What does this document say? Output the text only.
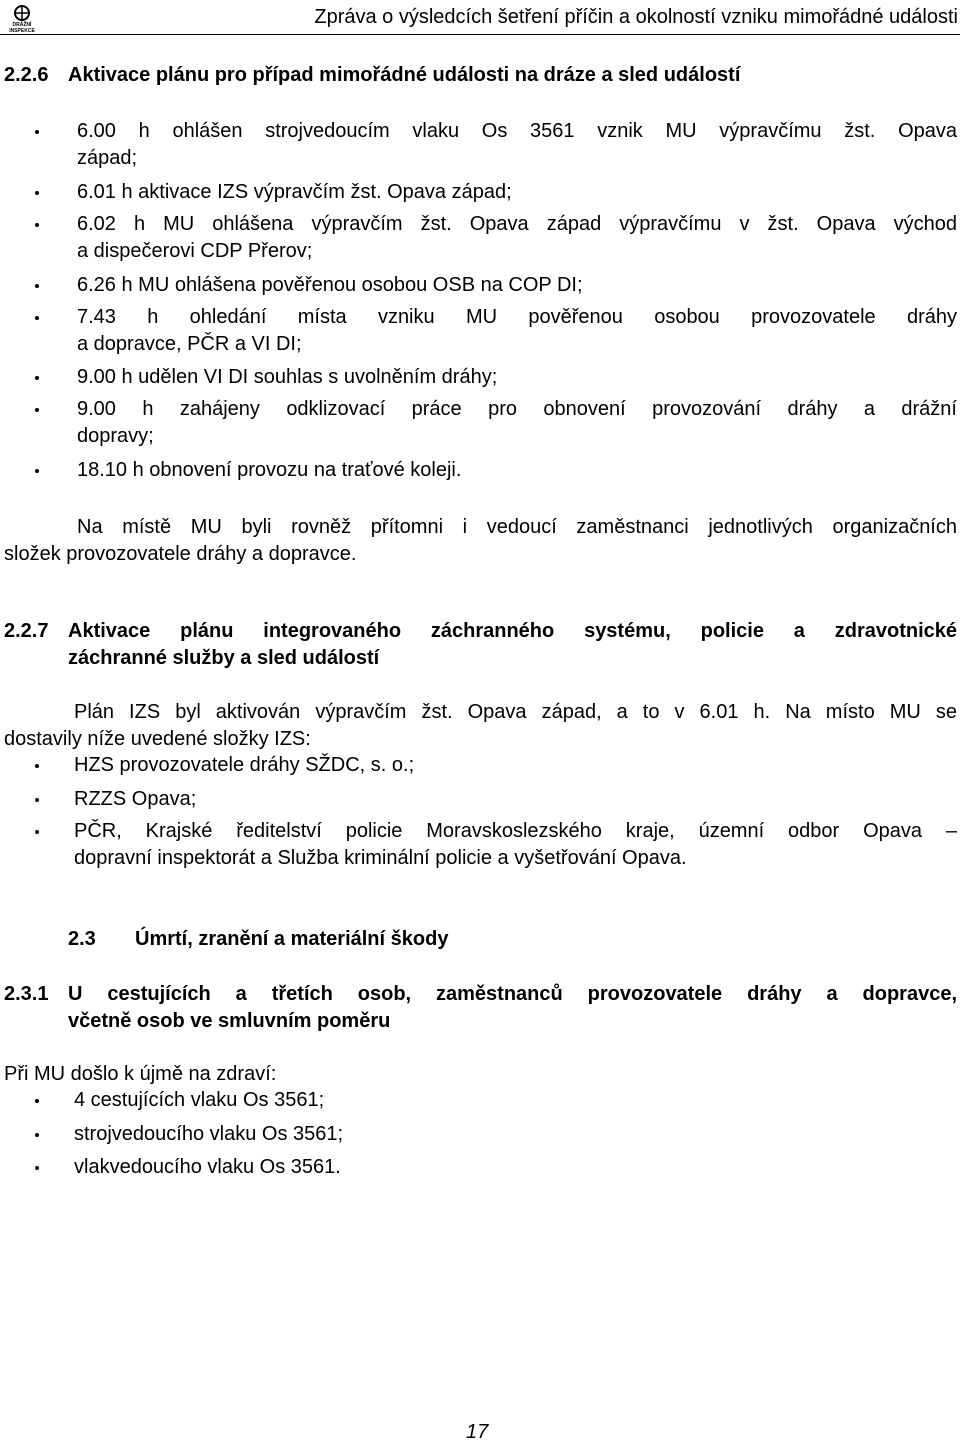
DRÁŽNÍ
INSPEKCE
Zpráva o výsledcích šetření příčin a okolností vzniku mimořádné události
2.2.6 Aktivace plánu pro případ mimořádné události na dráze a sled událostí
6.00 h ohlášen strojvedoucím vlaku Os 3561 vznik MU výpravčímu žst. Opava
západ;
6.01 h aktivace IZS výpravčím žst. Opava západ;
6.02 h MU ohlášena výpravčím žst. Opava západ výpravčímu v žst. Opava východ
a dispečerovi CDP Přerov;
6.26 h MU ohlášena pověřenou osobou OSB na COP DI;
7.43 h ohledání místa vzniku MU pověřenou osobou provozovatele dráhy
a dopravce, PČR a VI DI;
9.00 h udělen VI DI souhlas s uvolněním dráhy;
9.00 h zahájeny odklizovací práce pro obnovení provozování dráhy a drážní
dopravy;
18.10 h obnovení provozu na traťové koleji.
Na místě MU byli rovněž přítomni i vedoucí zaměstnanci jednotlivých organizačních
složek provozovatele dráhy a dopravce.
2.2.7 Aktivace plánu integrovaného záchranného systému, policie a zdravotnické
záchranné služby a sled událostí
Plán IZS byl aktivován výpravčím žst. Opava západ, a to v 6.01 h. Na místo MU se
dostavily níže uvedené složky IZS:
HZS provozovatele dráhy SŽDC, s. o.;
RZZS Opava;
PČR, Krajské ředitelství policie Moravskoslezského kraje, územní odbor Opava –
dopravní inspektorát a Služba kriminální policie a vyšetřování Opava.
2.3 Úmrtí, zranění a materiální škody
2.3.1 U cestujících a třetích osob, zaměstnanců provozovatele dráhy a dopravce,
včetně osob ve smluvním poměru
Při MU došlo k újmě na zdraví:
4 cestujících vlaku Os 3561;
strojvedoucího vlaku Os 3561;
vlakvedoucího vlaku Os 3561.
17
